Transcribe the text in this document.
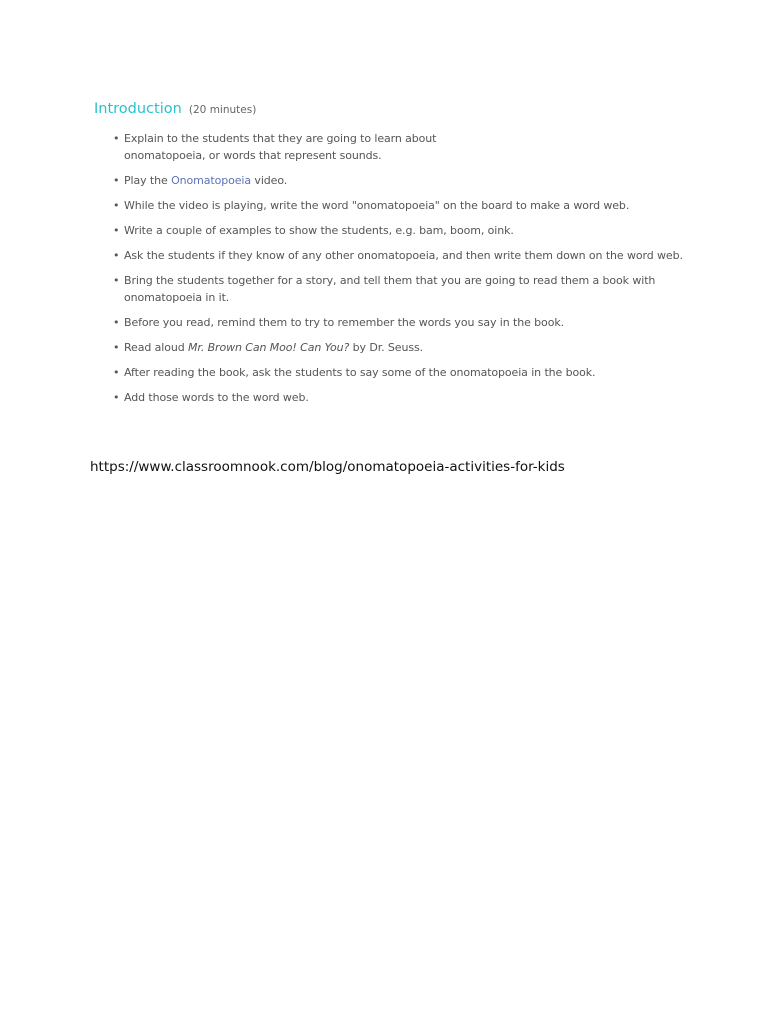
Introduction (20 minutes)

• Explain to the students that they are going to learn about
onomatopoeia, or words that represent sounds.
• Play the Onomatopoeia video.
• While the video is playing, write the word "onomatopoeia" on the board to make a word web.
• Write a couple of examples to show the students, e.g. bam, boom, oink.
• Ask the students if they know of any other onomatopoeia, and then write them down on the word web.
• Bring the students together for a story, and tell them that you are going to read them a book with
onomatopoeia in it.
• Before you read, remind them to try to remember the words you say in the book.
• Read aloud Mr. Brown Can Moo! Can You? by Dr. Seuss.
• After reading the book, ask the students to say some of the onomatopoeia in the book.
• Add those words to the word web.
https://www.classroomnook.com/blog/onomatopoeia-activities-for-kids
